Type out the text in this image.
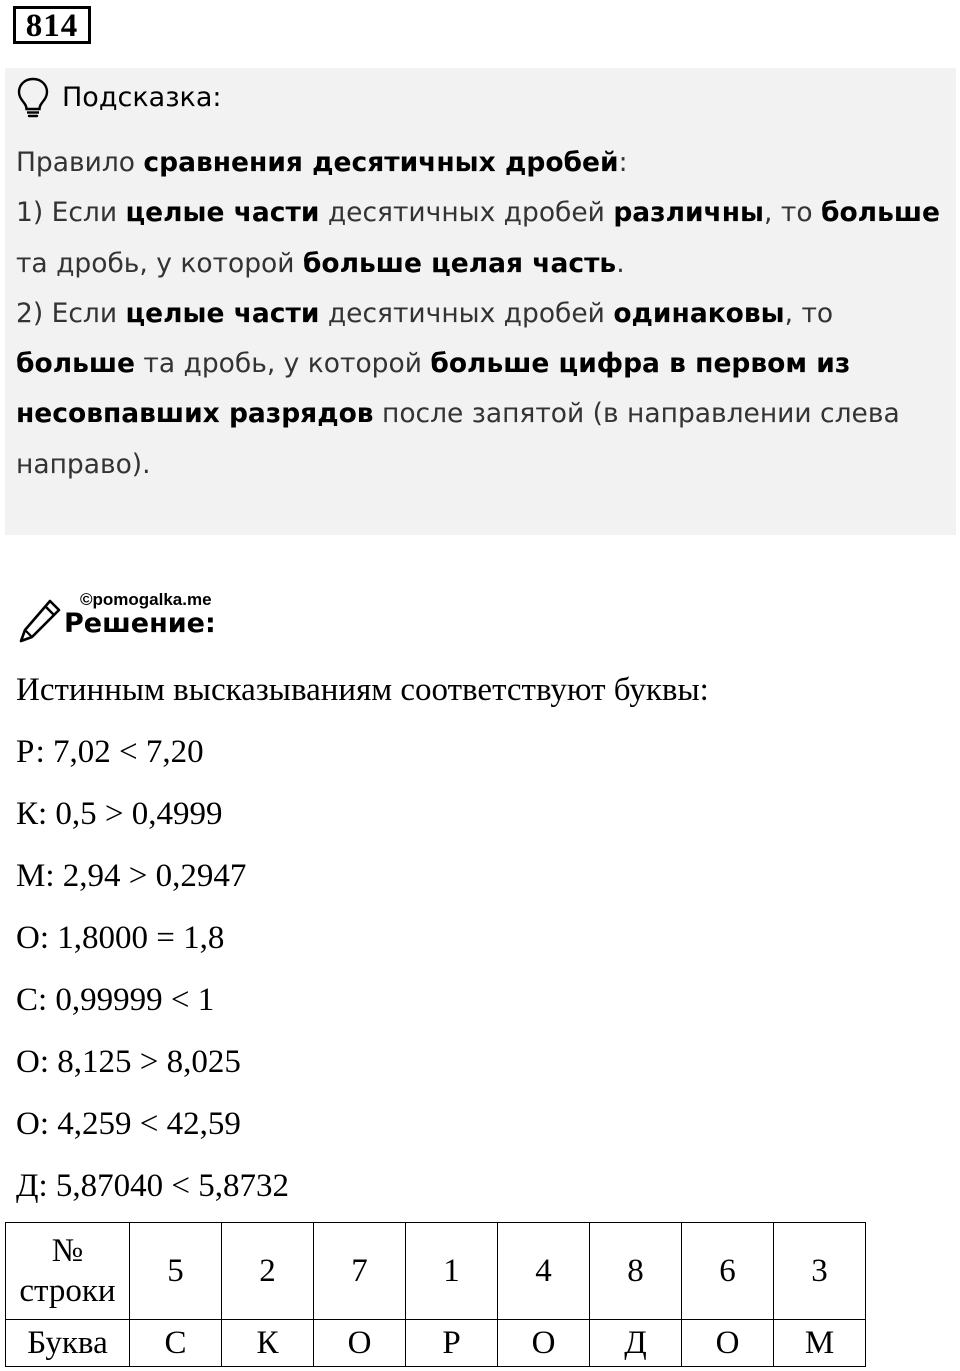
814
Подсказка:
Правило сравнения десятичных дробей:
1) Если целые части десятичных дробей различны, то больше
та дробь, у которой больше целая часть.
2) Если целые части десятичных дробей одинаковы, то
больше та дробь, у которой больше цифра в первом из
несовпавших разрядов после запятой (в направлении слева
направо).
©pomogalka.me
Решение:
Истинным высказываниям соответствуют буквы:
Р: 7,02 < 7,20
К: 0,5 > 0,4999
М: 2,94 > 0,2947
О: 1,8000 = 1,8
С: 0,99999 < 1
О: 8,125 > 8,025
О: 4,259 < 42,59
Д: 5,87040 < 5,8732
№
строки	5	2	7	1	4	8	6	3
Буква	С	К	О	Р	О	Д	О	М
